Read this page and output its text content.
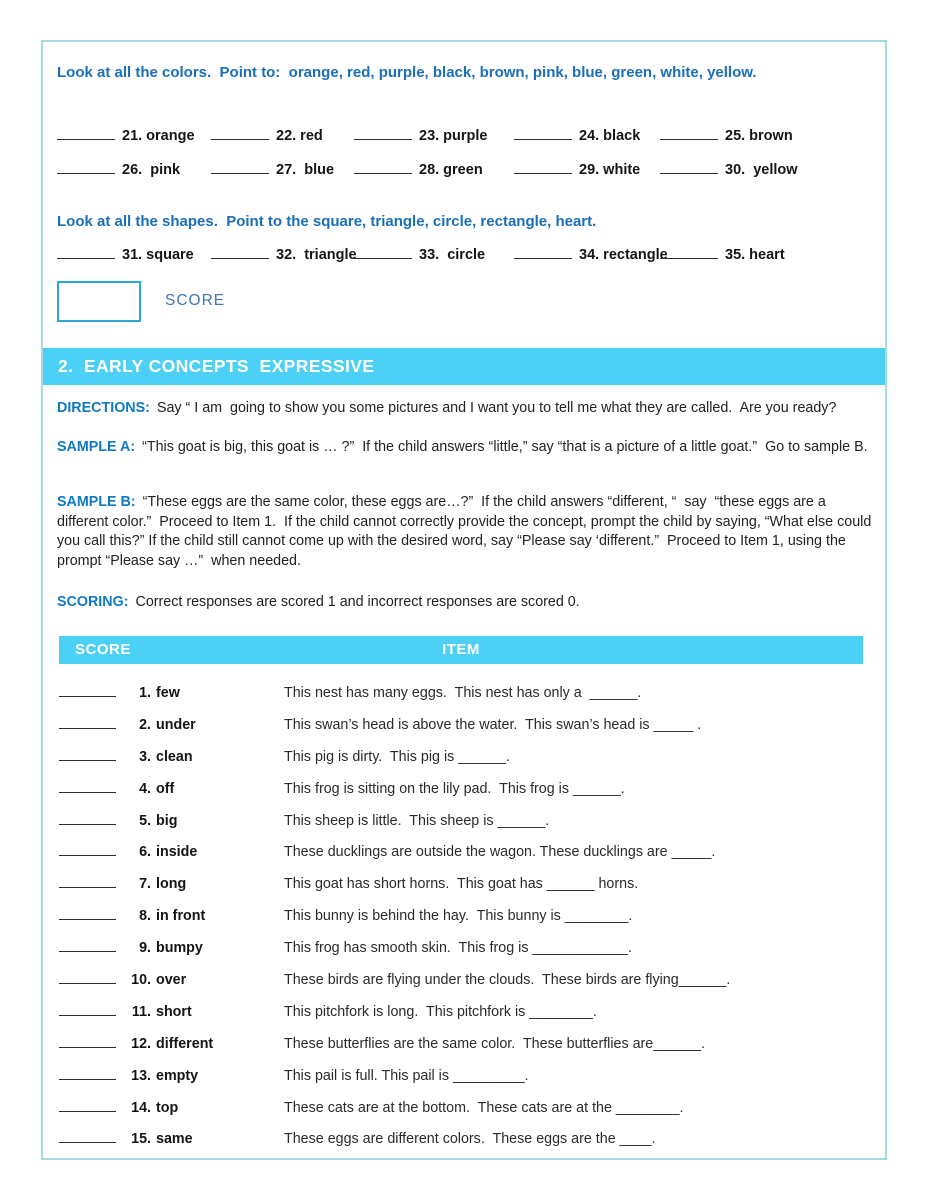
Look at all the colors.  Point to:  orange, red, purple, black, brown, pink, blue, green, white, yellow.
21. orange	22. red	23. purple	24. black	25. brown
26.  pink	27.  blue	28. green	29. white	30.  yellow
Look at all the shapes.  Point to the square, triangle, circle, rectangle, heart.
31. square	32.  triangle	33.  circle	34. rectangle	35. heart
SCORE
2.  EARLY CONCEPTS  EXPRESSIVE

DIRECTIONS: Say “ I am  going to show you some pictures and I want you to tell me what they are called.  Are you ready?

SAMPLE A: “This goat is big, this goat is … ?”  If the child answers “little,” say “that is a picture of a little goat.”  Go to sample B.

SAMPLE B: “These eggs are the same color, these eggs are…?”  If the child answers “different, “  say  “these eggs are a different color.”  Proceed to Item 1.  If the child cannot correctly provide the concept, prompt the child by saying, “What else could you call this?” If the child still cannot come up with the desired word, say “Please say ‘different.”  Proceed to Item 1, using the prompt “Please say …”  when needed.

SCORING: Correct responses are scored 1 and incorrect responses are scored 0.

SCORE	ITEM
1. few	This nest has many eggs.  This nest has only a  ______.
2. under	This swan’s head is above the water.  This swan’s head is _____ .
3. clean	This pig is dirty.  This pig is ______.
4. off	This frog is sitting on the lily pad.  This frog is ______.
5. big	This sheep is little.  This sheep is ______.
6. inside	These ducklings are outside the wagon. These ducklings are _____.
7. long	This goat has short horns.  This goat has ______ horns.
8. in front	This bunny is behind the hay.  This bunny is ________.
9. bumpy	This frog has smooth skin.  This frog is ____________.
10. over	These birds are flying under the clouds.  These birds are flying______.
11. short	This pitchfork is long.  This pitchfork is ________.
12. different	These butterflies are the same color.  These butterflies are______.
13. empty	This pail is full. This pail is _________.
14. top	These cats are at the bottom.  These cats are at the ________.
15. same	These eggs are different colors.  These eggs are the ____.
